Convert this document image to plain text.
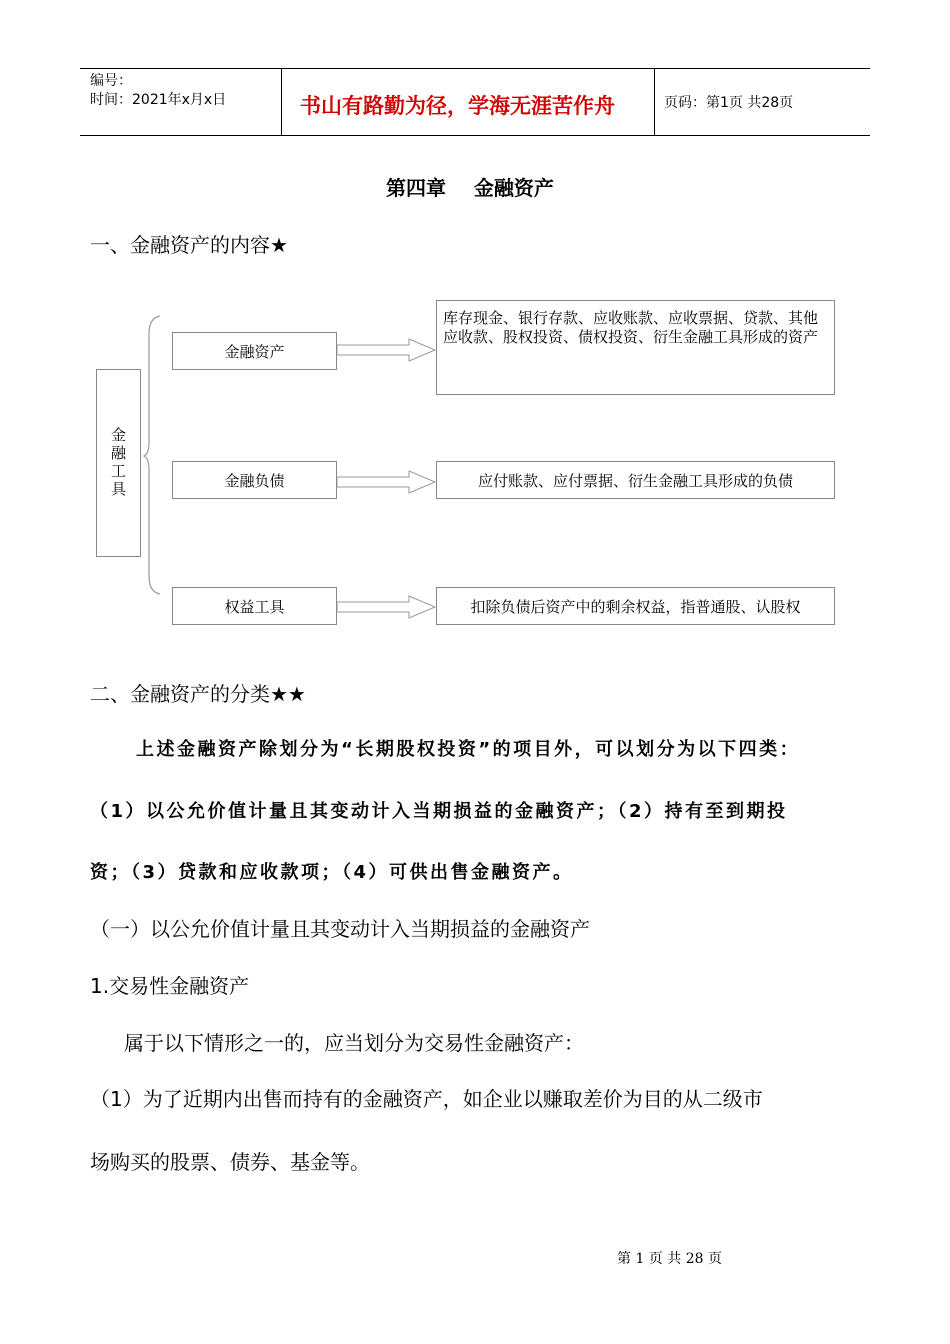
编号：
时间：2021年x月x日	书山有路勤为径，学海无涯苦作舟	页码：第1页 共28页
第四章    金融资产
一、金融资产的内容★
金融工具
金融资产
库存现金、银行存款、应收账款、应收票据、贷款、其他应收款、股权投资、债权投资、衍生金融工具形成的资产
金融负债	应付账款、应付票据、衍生金融工具形成的负债
权益工具	扣除负债后资产中的剩余权益，指普通股、认股权
二、金融资产的分类★★
上述金融资产除划分为“长期股权投资”的项目外，可以划分为以下四类：
（1）以公允价值计量且其变动计入当期损益的金融资产；（2）持有至到期投
资；（3）贷款和应收款项；（4）可供出售金融资产。
（一）以公允价值计量且其变动计入当期损益的金融资产
1.交易性金融资产
属于以下情形之一的，应当划分为交易性金融资产：
（1）为了近期内出售而持有的金融资产，如企业以赚取差价为目的从二级市
场购买的股票、债券、基金等。
第 1 页 共 28 页
